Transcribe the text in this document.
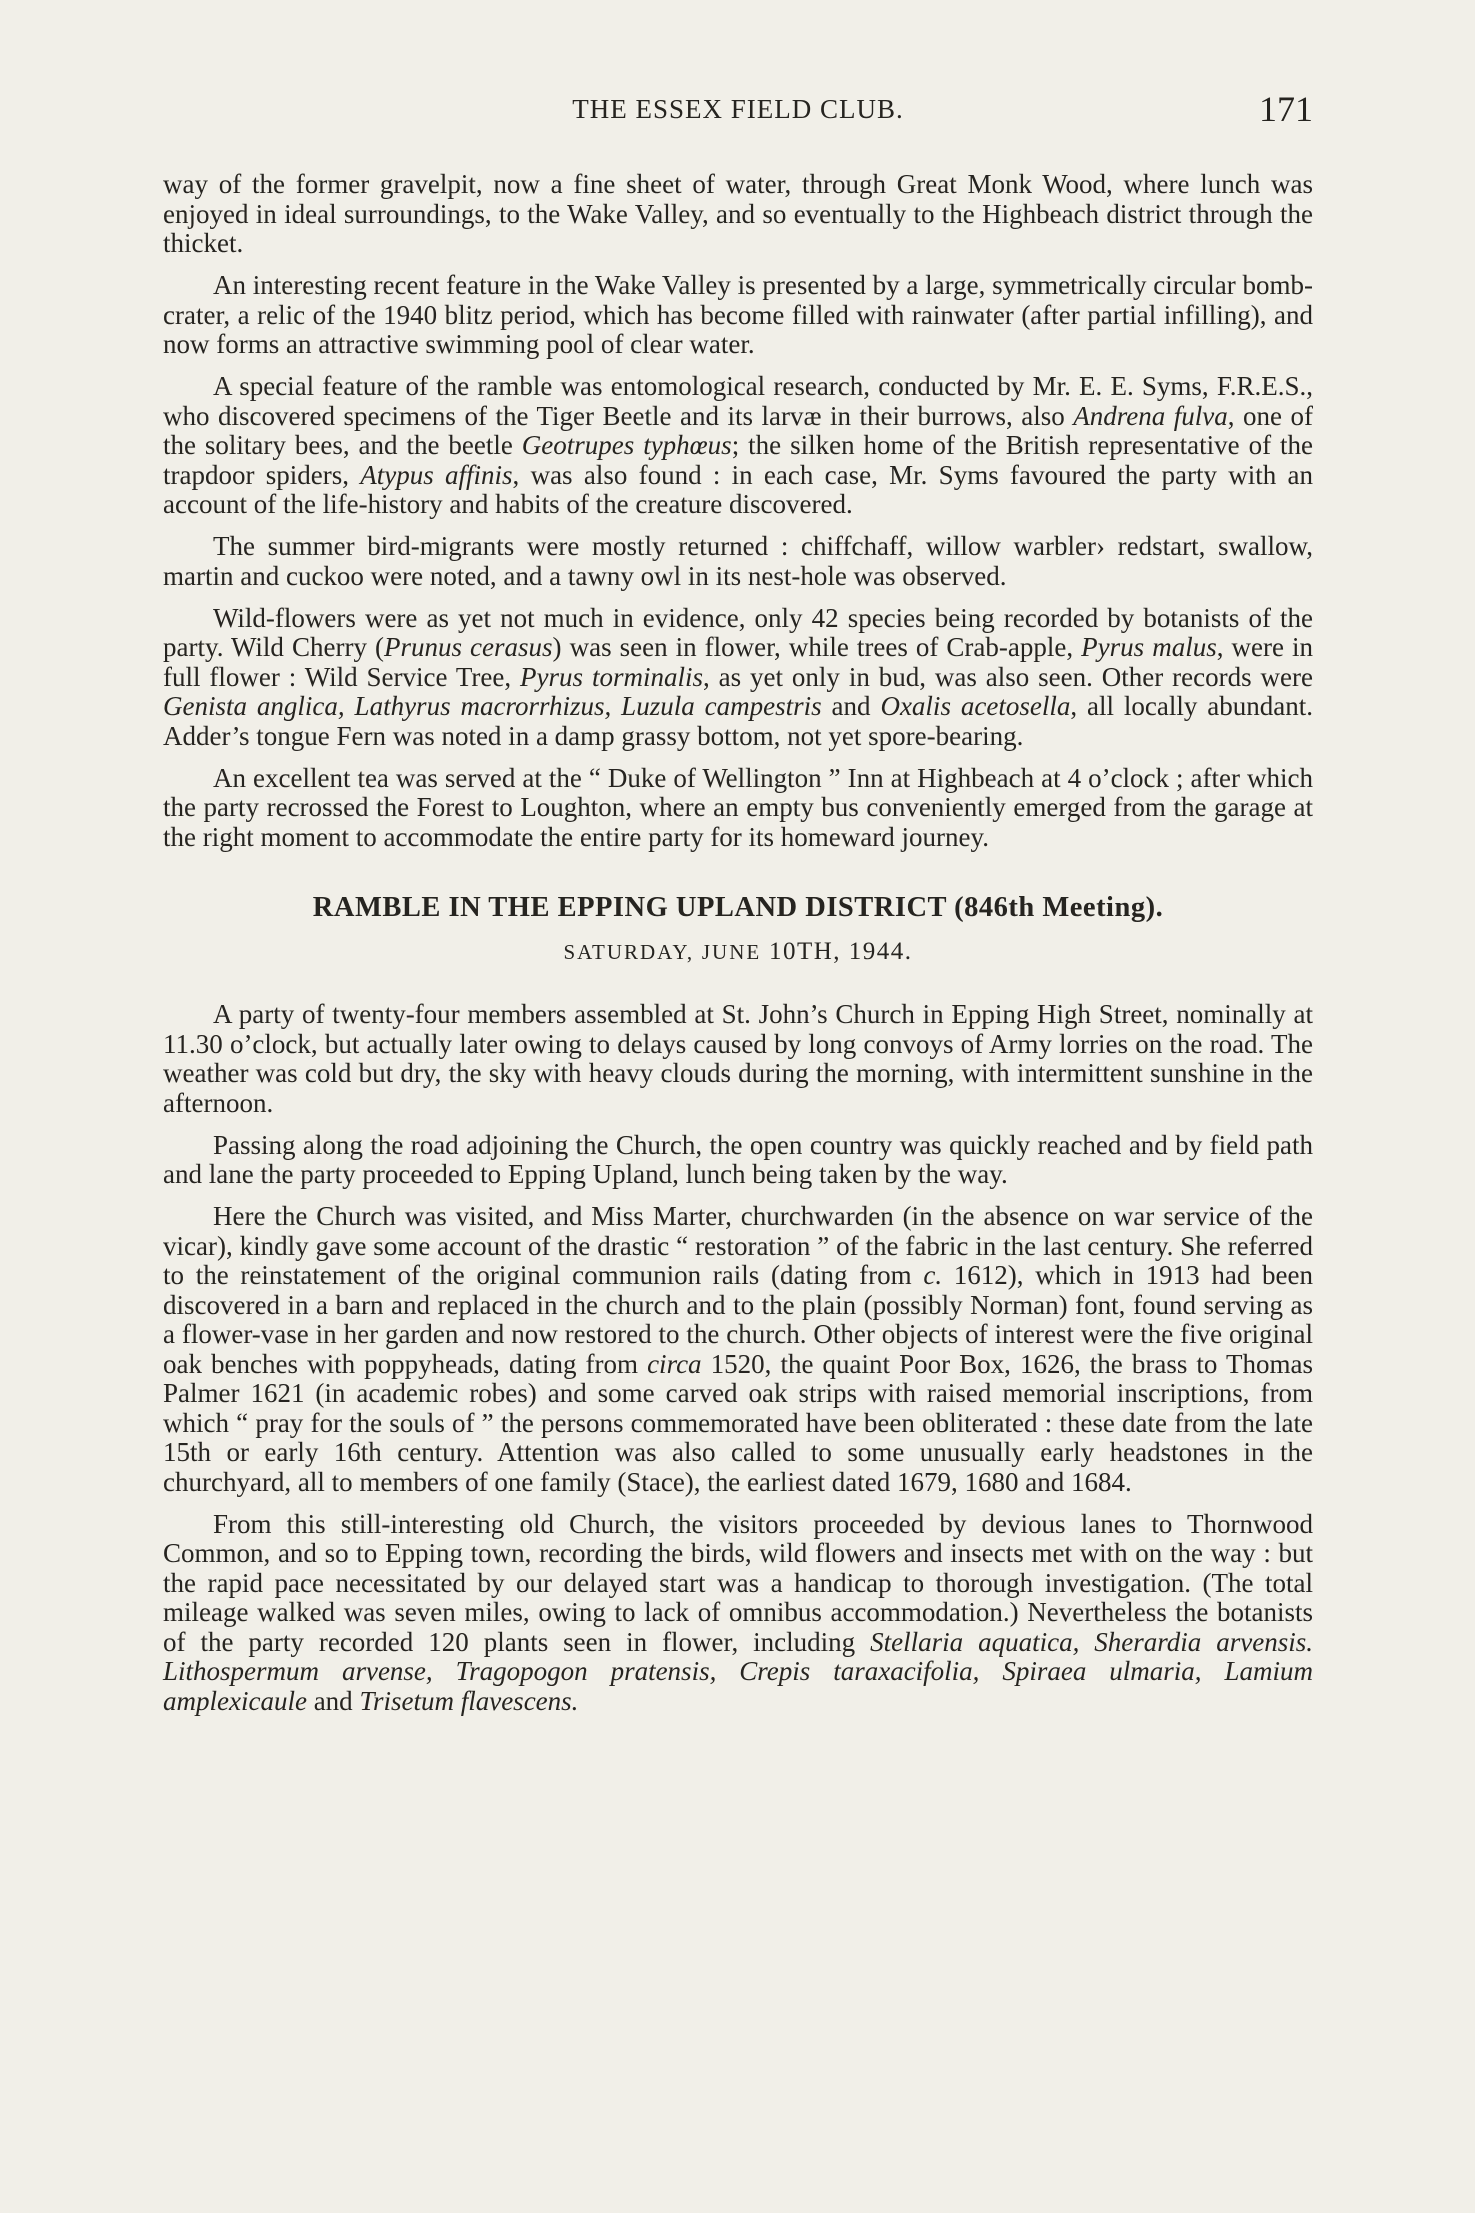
THE ESSEX FIELD CLUB.	171

way of the former gravelpit, now a fine sheet of water, through Great Monk Wood, where lunch was enjoyed in ideal surroundings, to the Wake Valley, and so eventually to the Highbeach district through the thicket.

An interesting recent feature in the Wake Valley is presented by a large, symmetrically circular bomb-crater, a relic of the 1940 blitz period, which has become filled with rainwater (after partial infilling), and now forms an attractive swimming pool of clear water.

A special feature of the ramble was entomological research, conducted by Mr. E. E. Syms, F.R.E.S., who discovered specimens of the Tiger Beetle and its larvæ in their burrows, also Andrena fulva, one of the solitary bees, and the beetle Geotrupes typhœus; the silken home of the British representative of the trapdoor spiders, Atypus affinis, was also found : in each case, Mr. Syms favoured the party with an account of the life-history and habits of the creature discovered.

The summer bird-migrants were mostly returned : chiffchaff, willow warbler› redstart, swallow, martin and cuckoo were noted, and a tawny owl in its nest-hole was observed.

Wild-flowers were as yet not much in evidence, only 42 species being recorded by botanists of the party. Wild Cherry (Prunus cerasus) was seen in flower, while trees of Crab-apple, Pyrus malus, were in full flower : Wild Service Tree, Pyrus torminalis, as yet only in bud, was also seen. Other records were Genista anglica, Lathyrus macrorrhizus, Luzula campestris and Oxalis acetosella, all locally abundant. Adder’s tongue Fern was noted in a damp grassy bottom, not yet spore-bearing.

An excellent tea was served at the “ Duke of Wellington ” Inn at Highbeach at 4 o’clock ; after which the party recrossed the Forest to Loughton, where an empty bus conveniently emerged from the garage at the right moment to accommodate the entire party for its homeward journey.

RAMBLE IN THE EPPING UPLAND DISTRICT (846th Meeting).
SATURDAY, JUNE 10TH, 1944.

A party of twenty-four members assembled at St. John’s Church in Epping High Street, nominally at 11.30 o’clock, but actually later owing to delays caused by long convoys of Army lorries on the road. The weather was cold but dry, the sky with heavy clouds during the morning, with intermittent sunshine in the afternoon.

Passing along the road adjoining the Church, the open country was quickly reached and by field path and lane the party proceeded to Epping Upland, lunch being taken by the way.

Here the Church was visited, and Miss Marter, churchwarden (in the absence on war service of the vicar), kindly gave some account of the drastic “ restoration ” of the fabric in the last century. She referred to the reinstatement of the original communion rails (dating from c. 1612), which in 1913 had been discovered in a barn and replaced in the church and to the plain (possibly Norman) font, found serving as a flower-vase in her garden and now restored to the church. Other objects of interest were the five original oak benches with poppyheads, dating from circa 1520, the quaint Poor Box, 1626, the brass to Thomas Palmer 1621 (in academic robes) and some carved oak strips with raised memorial inscriptions, from which “ pray for the souls of ” the persons commemorated have been obliterated : these date from the late 15th or early 16th century. Attention was also called to some unusually early headstones in the churchyard, all to members of one family (Stace), the earliest dated 1679, 1680 and 1684.

From this still-interesting old Church, the visitors proceeded by devious lanes to Thornwood Common, and so to Epping town, recording the birds, wild flowers and insects met with on the way : but the rapid pace necessitated by our delayed start was a handicap to thorough investigation. (The total mileage walked was seven miles, owing to lack of omnibus accommodation.) Nevertheless the botanists of the party recorded 120 plants seen in flower, including Stellaria aquatica, Sherardia arvensis. Lithospermum arvense, Tragopogon pratensis, Crepis taraxacifolia, Spiraea ulmaria, Lamium amplexicaule and Trisetum flavescens.
